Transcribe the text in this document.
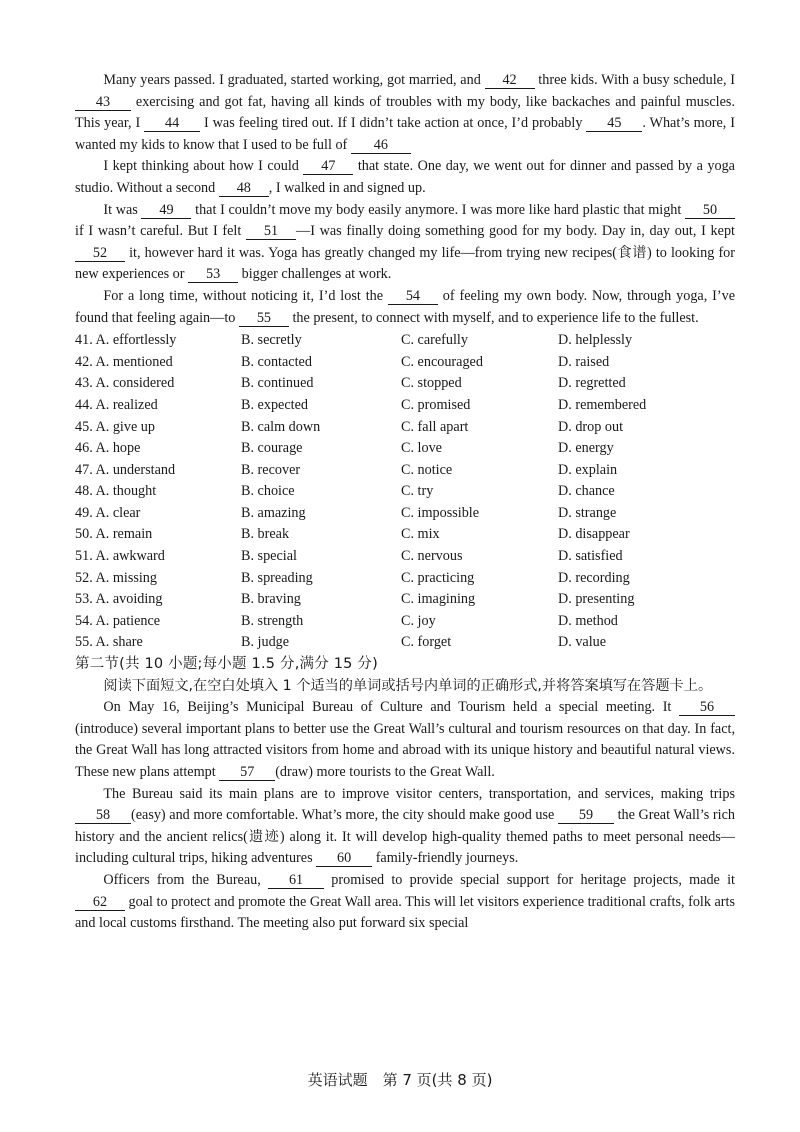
Many years passed. I graduated, started working, got married, and 42 three kids. With a busy schedule, I 43 exercising and got fat, having all kinds of troubles with my body, like backaches and painful muscles. This year, I 44 I was feeling tired out. If I didn’t take action at once, I’d probably 45 . What’s more, I wanted my kids to know that I used to be full of 46

I kept thinking about how I could 47 that state. One day, we went out for dinner and passed by a yoga studio. Without a second 48 , I walked in and signed up.

It was 49 that I couldn’t move my body easily anymore. I was more like hard plastic that might 50 if I wasn’t careful. But I felt 51 —I was finally doing something good for my body. Day in, day out, I kept 52 it, however hard it was. Yoga has greatly changed my life—from trying new recipes(食谱) to looking for new experiences or 53 bigger challenges at work.

For a long time, without noticing it, I’d lost the 54 of feeling my own body. Now, through yoga, I’ve found that feeling again—to 55 the present, to connect with myself, and to experience life to the fullest.

41. A. effortlessly	B. secretly	C. carefully	D. helplessly
42. A. mentioned	B. contacted	C. encouraged	D. raised
43. A. considered	B. continued	C. stopped	D. regretted
44. A. realized	B. expected	C. promised	D. remembered
45. A. give up	B. calm down	C. fall apart	D. drop out
46. A. hope	B. courage	C. love	D. energy
47. A. understand	B. recover	C. notice	D. explain
48. A. thought	B. choice	C. try	D. chance
49. A. clear	B. amazing	C. impossible	D. strange
50. A. remain	B. break	C. mix	D. disappear
51. A. awkward	B. special	C. nervous	D. satisfied
52. A. missing	B. spreading	C. practicing	D. recording
53. A. avoiding	B. braving	C. imagining	D. presenting
54. A. patience	B. strength	C. joy	D. method
55. A. share	B. judge	C. forget	D. value

第二节(共 10 小题;每小题 1.5 分,满分 15 分)

阅读下面短文,在空白处填入 1 个适当的单词或括号内单词的正确形式,并将答案填写在答题卡上。

On May 16, Beijing’s Municipal Bureau of Culture and Tourism held a special meeting. It 56(introduce) several important plans to better use the Great Wall’s cultural and tourism resources on that day. In fact, the Great Wall has long attracted visitors from home and abroad with its unique history and beautiful natural views. These new plans attempt 57 (draw) more tourists to the Great Wall.

The Bureau said its main plans are to improve visitor centers, transportation, and services, making trips 58 (easy) and more comfortable. What’s more, the city should make good use 59 the Great Wall’s rich history and the ancient relics(遗迹) along it. It will develop high-quality themed paths to meet personal needs—including cultural trips, hiking adventures 60 family-friendly journeys.

Officers from the Bureau, 61 promised to provide special support for heritage projects, made it 62 goal to protect and promote the Great Wall area. This will let visitors experience traditional crafts, folk arts and local customs firsthand. The meeting also put forward six special

英语试题　第 7 页(共 8 页)
